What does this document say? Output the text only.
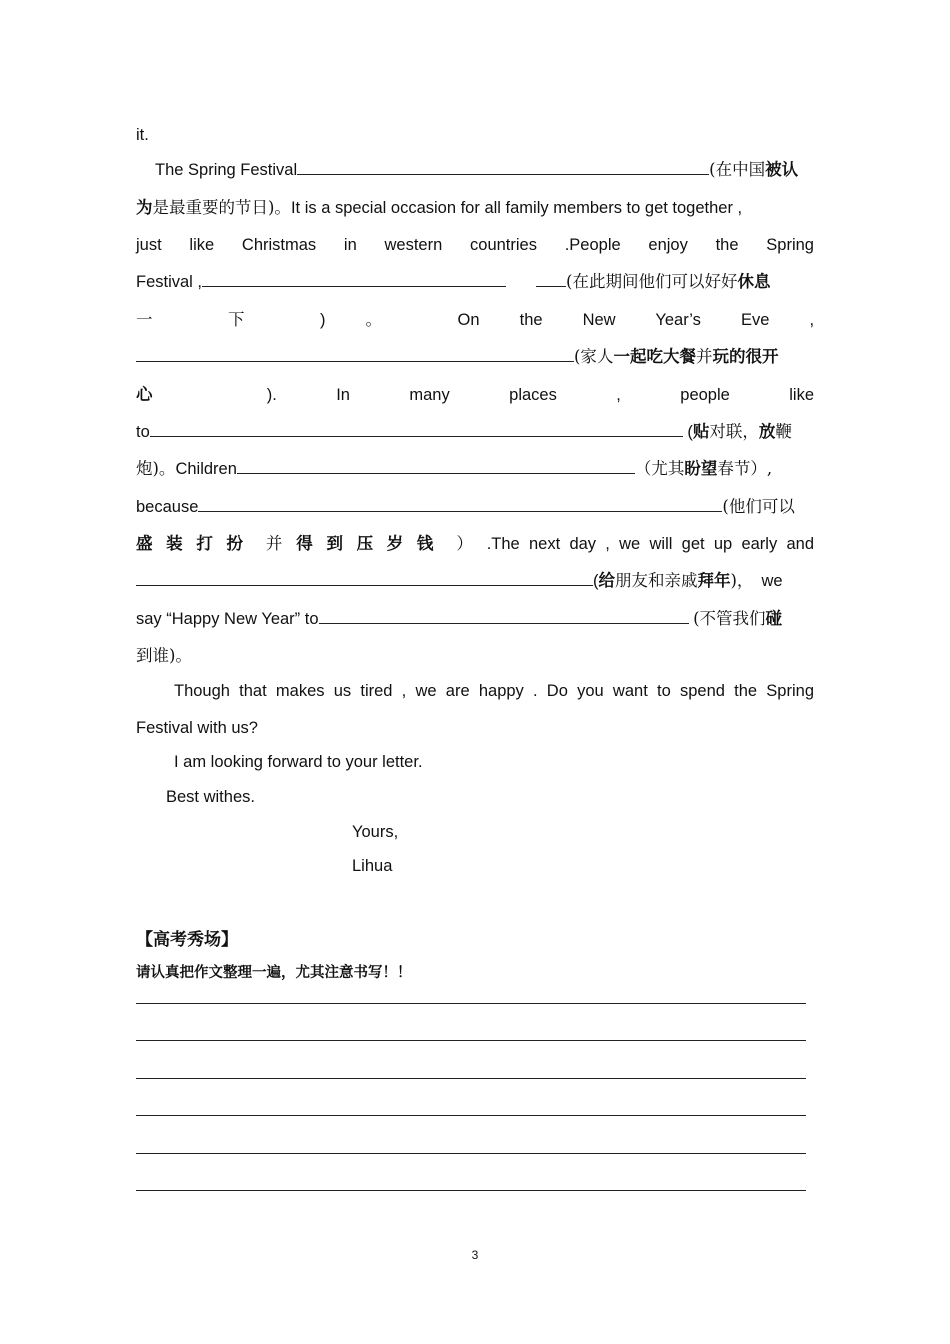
it.
The Spring Festival	(在中国被认
为是最重要的节日)。It is a special occasion for all family members to get together ,
just like Christmas in western countries .People enjoy the Spring
Festival ,	(在此期间他们可以好好休息
一 下 ) 。 On the New Year’s Eve ,
(家人一起吃大餐并玩的很开
心	).	In	many	places	,	people	like
to	(贴对联，放鞭
炮)。Children	（尤其盼望春节）,
because	(他们可以
盛装打扮 并 得到压岁钱 ） .The next day , we will get up early and
(给朋友和亲戚拜年)， we
say “Happy New Year” to	(不管我们碰
到谁)。
Though that makes us tired , we are happy . Do you want to spend the Spring
Festival with us?
I am looking forward to your letter.
Best withes.
Yours,
Lihua
【高考秀场】
请认真把作文整理一遍，尤其注意书写！！
3
